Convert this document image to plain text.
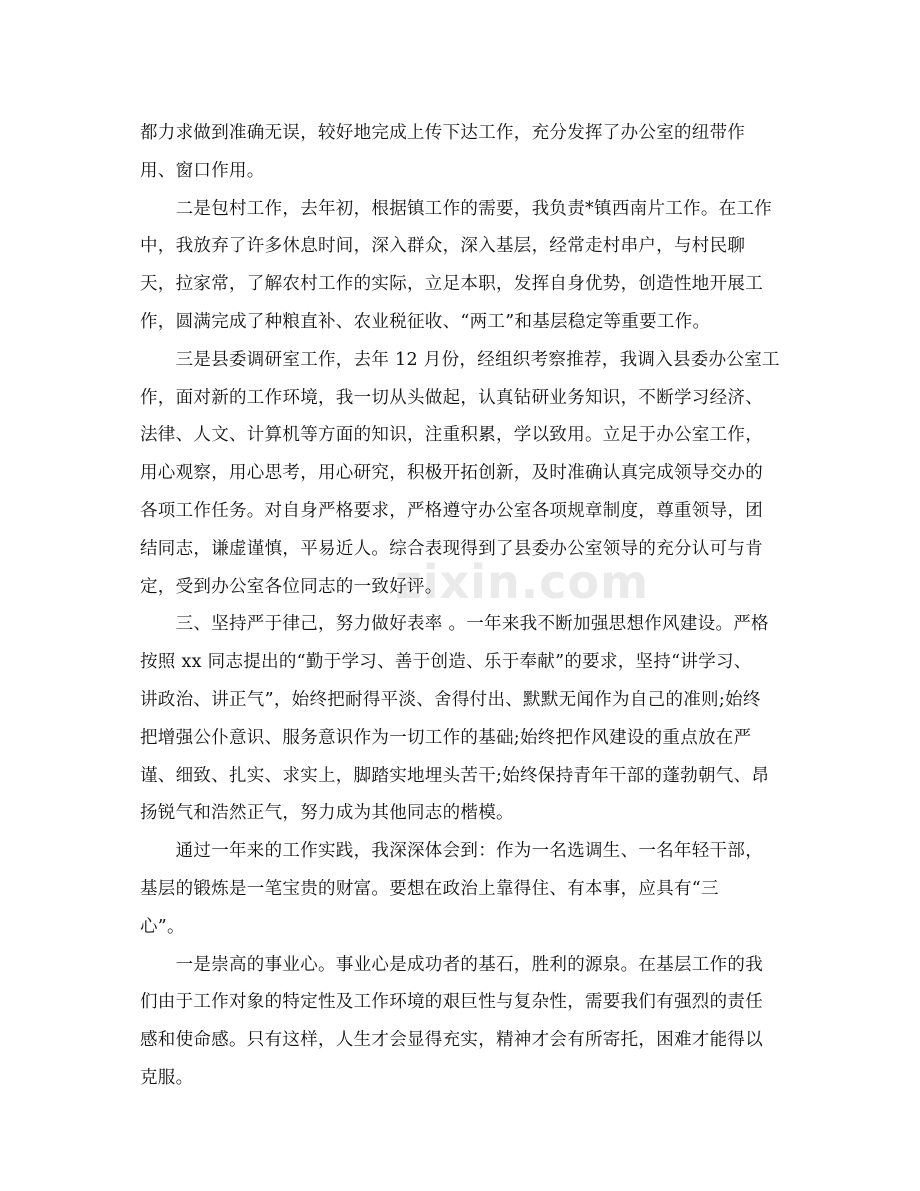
zixin.com
都力求做到准确无误，较好地完成上传下达工作，充分发挥了办公室的纽带作
用、窗口作用。
　　二是包村工作，去年初，根据镇工作的需要，我负责*镇西南片工作。在工作
中，我放弃了许多休息时间，深入群众，深入基层，经常走村串户，与村民聊
天，拉家常，了解农村工作的实际，立足本职，发挥自身优势，创造性地开展工
作，圆满完成了种粮直补、农业税征收、“两工”和基层稳定等重要工作。
　　三是县委调研室工作，去年 12 月份，经组织考察推荐，我调入县委办公室工
作，面对新的工作环境，我一切从头做起，认真钻研业务知识，不断学习经济、
法律、人文、计算机等方面的知识，注重积累，学以致用。立足于办公室工作，
用心观察，用心思考，用心研究，积极开拓创新，及时准确认真完成领导交办的
各项工作任务。对自身严格要求，严格遵守办公室各项规章制度，尊重领导，团
结同志，谦虚谨慎，平易近人。综合表现得到了县委办公室领导的充分认可与肯
定，受到办公室各位同志的一致好评。
　　三、坚持严于律己，努力做好表率 。一年来我不断加强思想作风建设。严格
按照 xx 同志提出的“勤于学习、善于创造、乐于奉献”的要求，坚持“讲学习、
讲政治、讲正气”，始终把耐得平淡、舍得付出、默默无闻作为自己的准则;始终
把增强公仆意识、服务意识作为一切工作的基础;始终把作风建设的重点放在严
谨、细致、扎实、求实上，脚踏实地埋头苦干;始终保持青年干部的蓬勃朝气、昂
扬锐气和浩然正气，努力成为其他同志的楷模。
　　通过一年来的工作实践，我深深体会到：作为一名选调生、一名年轻干部，
基层的锻炼是一笔宝贵的财富。要想在政治上靠得住、有本事，应具有“三
心”。
　　一是崇高的事业心。事业心是成功者的基石，胜利的源泉。在基层工作的我
们由于工作对象的特定性及工作环境的艰巨性与复杂性，需要我们有强烈的责任
感和使命感。只有这样，人生才会显得充实，精神才会有所寄托，困难才能得以
克服。
